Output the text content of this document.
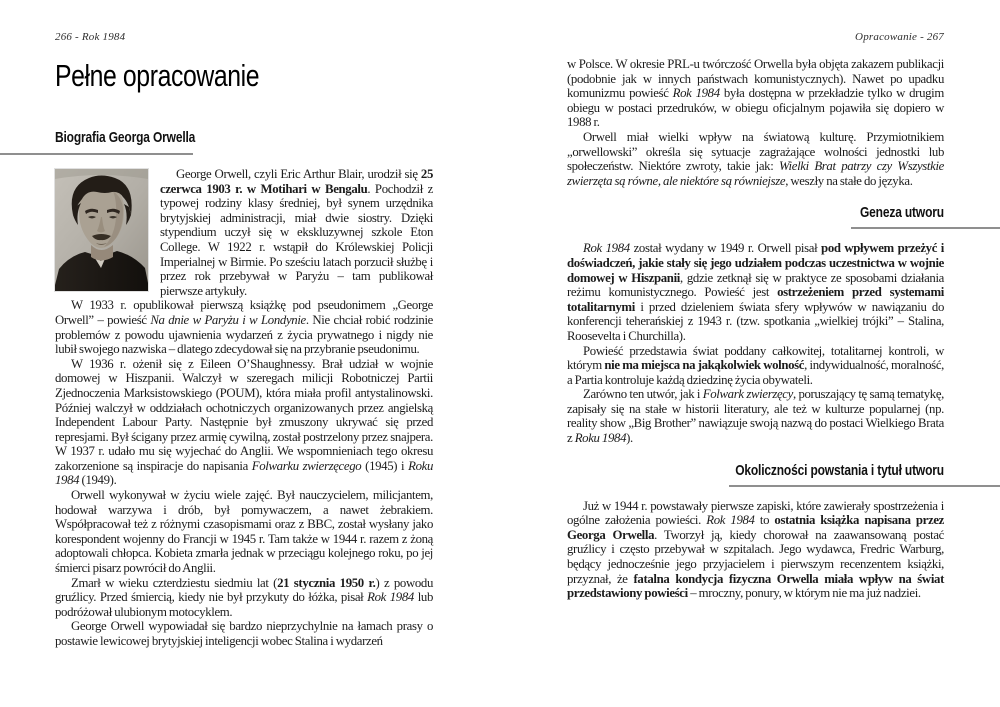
266 - Rok 1984
Pełne opracowanie
Biografia Georga Orwella

George Orwell, czyli Eric Arthur Blair, urodził się 25 czerwca 1903 r. w Motihari w Bengalu. Pochodził z typowej rodziny klasy średniej, był synem urzędnika brytyjskiej administracji, miał dwie siostry. Dzięki stypendium uczył się w ekskluzywnej szkole Eton College. W 1922 r. wstąpił do Królewskiej Policji Imperialnej w Birmie. Po sześciu latach porzucił służbę i przez rok przebywał w Paryżu – tam publikował pierwsze artykuły.

W 1933 r. opublikował pierwszą książkę pod pseudonimem „George Orwell” – powieść Na dnie w Paryżu i w Londynie. Nie chciał robić rodzinie problemów z powodu ujawnienia wydarzeń z życia prywatnego i nigdy nie lubił swojego nazwiska – dlatego zdecydował się na przybranie pseudonimu.

W 1936 r. ożenił się z Eileen O’Shaughnessy. Brał udział w wojnie domowej w Hiszpanii. Walczył w szeregach milicji Robotniczej Partii Zjednoczenia Marksistowskiego (POUM), która miała profil antystalinowski. Później walczył w oddziałach ochotniczych organizowanych przez angielską Independent Labour Party. Następnie był zmuszony ukrywać się przed represjami. Był ścigany przez armię cywilną, został postrzelony przez snajpera. W 1937 r. udało mu się wyjechać do Anglii. We wspomnieniach tego okresu zakorzenione są inspiracje do napisania Folwarku zwierzęcego (1945) i Roku 1984 (1949).

Orwell wykonywał w życiu wiele zajęć. Był nauczycielem, milicjantem, hodował warzywa i drób, był pomywaczem, a nawet żebrakiem. Współpracował też z różnymi czasopismami oraz z BBC, został wysłany jako korespondent wojenny do Francji w 1945 r. Tam także w 1944 r. razem z żoną adoptowali chłopca. Kobieta zmarła jednak w przeciągu kolejnego roku, po jej śmierci pisarz powrócił do Anglii.

Zmarł w wieku czterdziestu siedmiu lat (21 stycznia 1950 r.) z powodu gruźlicy. Przed śmiercią, kiedy nie był przykuty do łóżka, pisał Rok 1984 lub podróżował ulubionym motocyklem.

George Orwell wypowiadał się bardzo nieprzychylnie na łamach prasy o postawie lewicowej brytyjskiej inteligencji wobec Stalina i wydarzeń

Opracowanie - 267

w Polsce. W okresie PRL-u twórczość Orwella była objęta zakazem publikacji (podobnie jak w innych państwach komunistycznych). Nawet po upadku komunizmu powieść Rok 1984 była dostępna w przekładzie tylko w drugim obiegu w postaci przedruków, w obiegu oficjalnym pojawiła się dopiero w 1988 r.

Orwell miał wielki wpływ na światową kulturę. Przymiotnikiem „orwellowski” określa się sytuacje zagrażające wolności jednostki lub społeczeństw. Niektóre zwroty, takie jak: Wielki Brat patrzy czy Wszystkie zwierzęta są równe, ale niektóre są równiejsze, weszły na stałe do języka.

Geneza utworu

Rok 1984 został wydany w 1949 r. Orwell pisał pod wpływem przeżyć i doświadczeń, jakie stały się jego udziałem podczas uczestnictwa w wojnie domowej w Hiszpanii, gdzie zetknął się w praktyce ze sposobami działania reżimu komunistycznego. Powieść jest ostrzeżeniem przed systemami totalitarnymi i przed dzieleniem świata sfery wpływów w nawiązaniu do konferencji teherańskiej z 1943 r. (tzw. spotkania „wielkiej trójki” – Stalina, Roosevelta i Churchilla).

Powieść przedstawia świat poddany całkowitej, totalitarnej kontroli, w którym nie ma miejsca na jakąkolwiek wolność, indywidualność, moralność, a Partia kontroluje każdą dziedzinę życia obywateli.

Zarówno ten utwór, jak i Folwark zwierzęcy, poruszający tę samą tematykę, zapisały się na stałe w historii literatury, ale też w kulturze popularnej (np. reality show „Big Brother” nawiązuje swoją nazwą do postaci Wielkiego Brata z Roku 1984).

Okoliczności powstania i tytuł utworu

Już w 1944 r. powstawały pierwsze zapiski, które zawierały spostrzeżenia i ogólne założenia powieści. Rok 1984 to ostatnia książka napisana przez Georga Orwella. Tworzył ją, kiedy chorował na zaawansowaną postać gruźlicy i często przebywał w szpitalach. Jego wydawca, Fredric Warburg, będący jednocześnie jego przyjacielem i pierwszym recenzentem książki, przyznał, że fatalna kondycja fizyczna Orwella miała wpływ na świat przedstawiony powieści – mroczny, ponury, w którym nie ma już nadziei.
